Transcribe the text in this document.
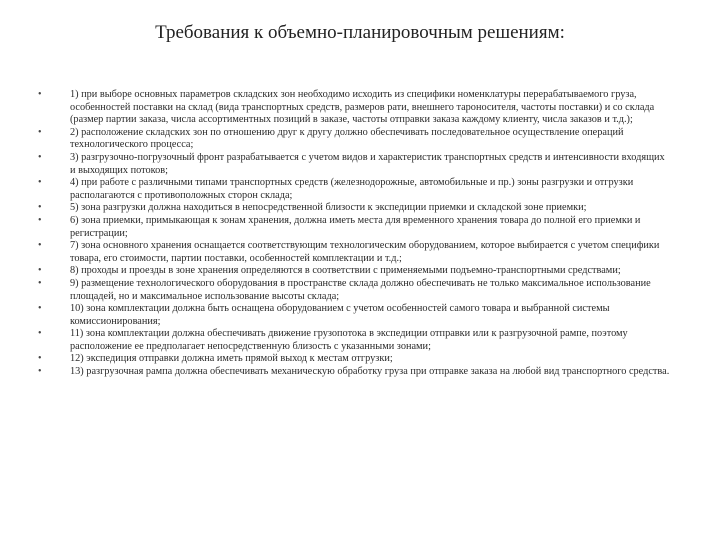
Требования к объемно-планировочным решениям:
•	1) при выборе основных параметров складских зон необходимо исходить из специфики номенклатуры перерабатываемого груза, особенностей поставки на склад (вида транспортных средств, размеров рати, внешнего тароносителя, частоты поставки) и со склада (размер партии заказа, числа ассортиментных позиций в заказе, частоты отправки заказа каждому клиенту, числа заказов и т.д.);
•	2) расположение складских зон по отношению друг к другу должно обеспечивать последовательное осуществление операций технологического процесса;
•	3) разгрузочно-погрузочный фронт разрабатывается с учетом видов и характеристик транспортных средств и интенсивности входящих и выходящих потоков;
•	4) при работе с различными типами транспортных средств (железнодорожные, автомобильные и пр.) зоны разгрузки и отгрузки располагаются с противоположных сторон склада;
•	5) зона разгрузки должна находиться в непосредственной близости к экспедиции приемки и складской зоне приемки;
•	6) зона приемки, примыкающая к зонам хранения, должна иметь места для временного хранения товара до полной его приемки и регистрации;
•	7) зона основного хранения оснащается соответствующим технологическим оборудованием, которое выбирается с учетом специфики товара, его стоимости, партии поставки, особенностей комплектации и т.д.;
•	8) проходы и проезды в зоне хранения определяются в соответствии с применяемыми подъемно-транспортными средствами;
•	9) размещение технологического оборудования в пространстве склада должно обеспечивать не только максимальное использование площадей, но и максимальное использование высоты склада;
•	10) зона комплектации должна быть оснащена оборудованием с учетом особенностей самого товара и выбранной системы комиссионирования;
•	11) зона комплектации должна обеспечивать движение грузопотока в экспедиции отправки или к разгрузочной рампе, поэтому расположение ее предполагает непосредственную близость с указанными зонами;
•	12) экспедиция отправки должна иметь прямой выход к местам отгрузки;
•	13) разгрузочная рампа должна обеспечивать механическую обработку груза при отправке заказа на любой вид транспортного средства.
